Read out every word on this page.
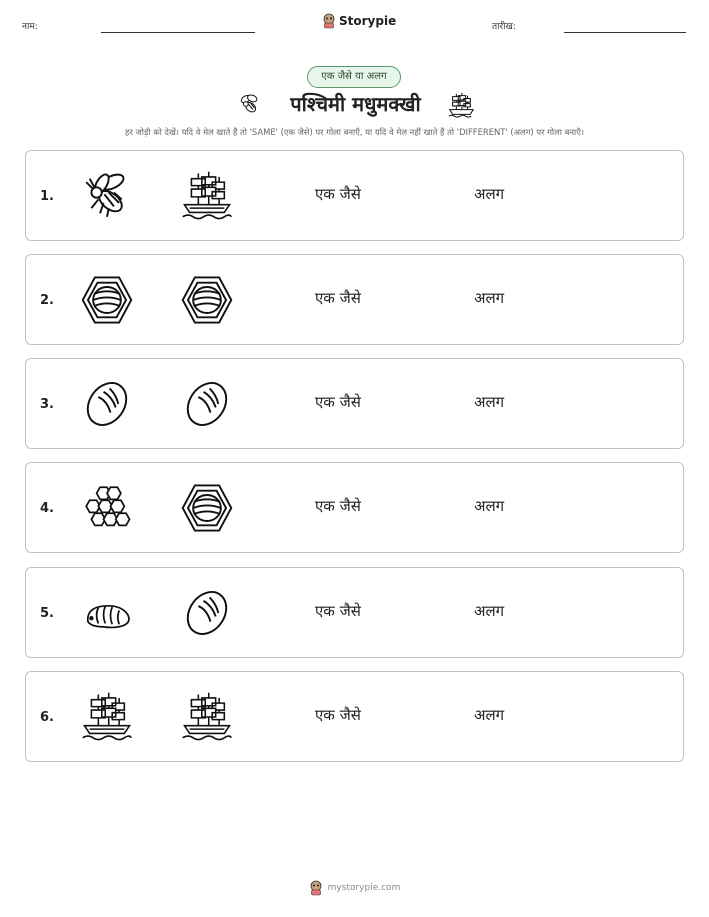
नाम:	Storypie	तारीख:
एक जैसे या अलग
पश्चिमी मधुमक्खी
हर जोड़ी को देखें। यदि वे मेल खाते हैं तो 'SAME' (एक जैसे) पर गोला बनाएँ, या यदि वे मेल नहीं खाते हैं तो 'DIFFERENT' (अलग) पर गोला बनाएँ।
1.	एक जैसे	अलग
2.	एक जैसे	अलग
3.	एक जैसे	अलग
4.	एक जैसे	अलग
5.	एक जैसे	अलग
6.	एक जैसे	अलग
mystorypie.com
